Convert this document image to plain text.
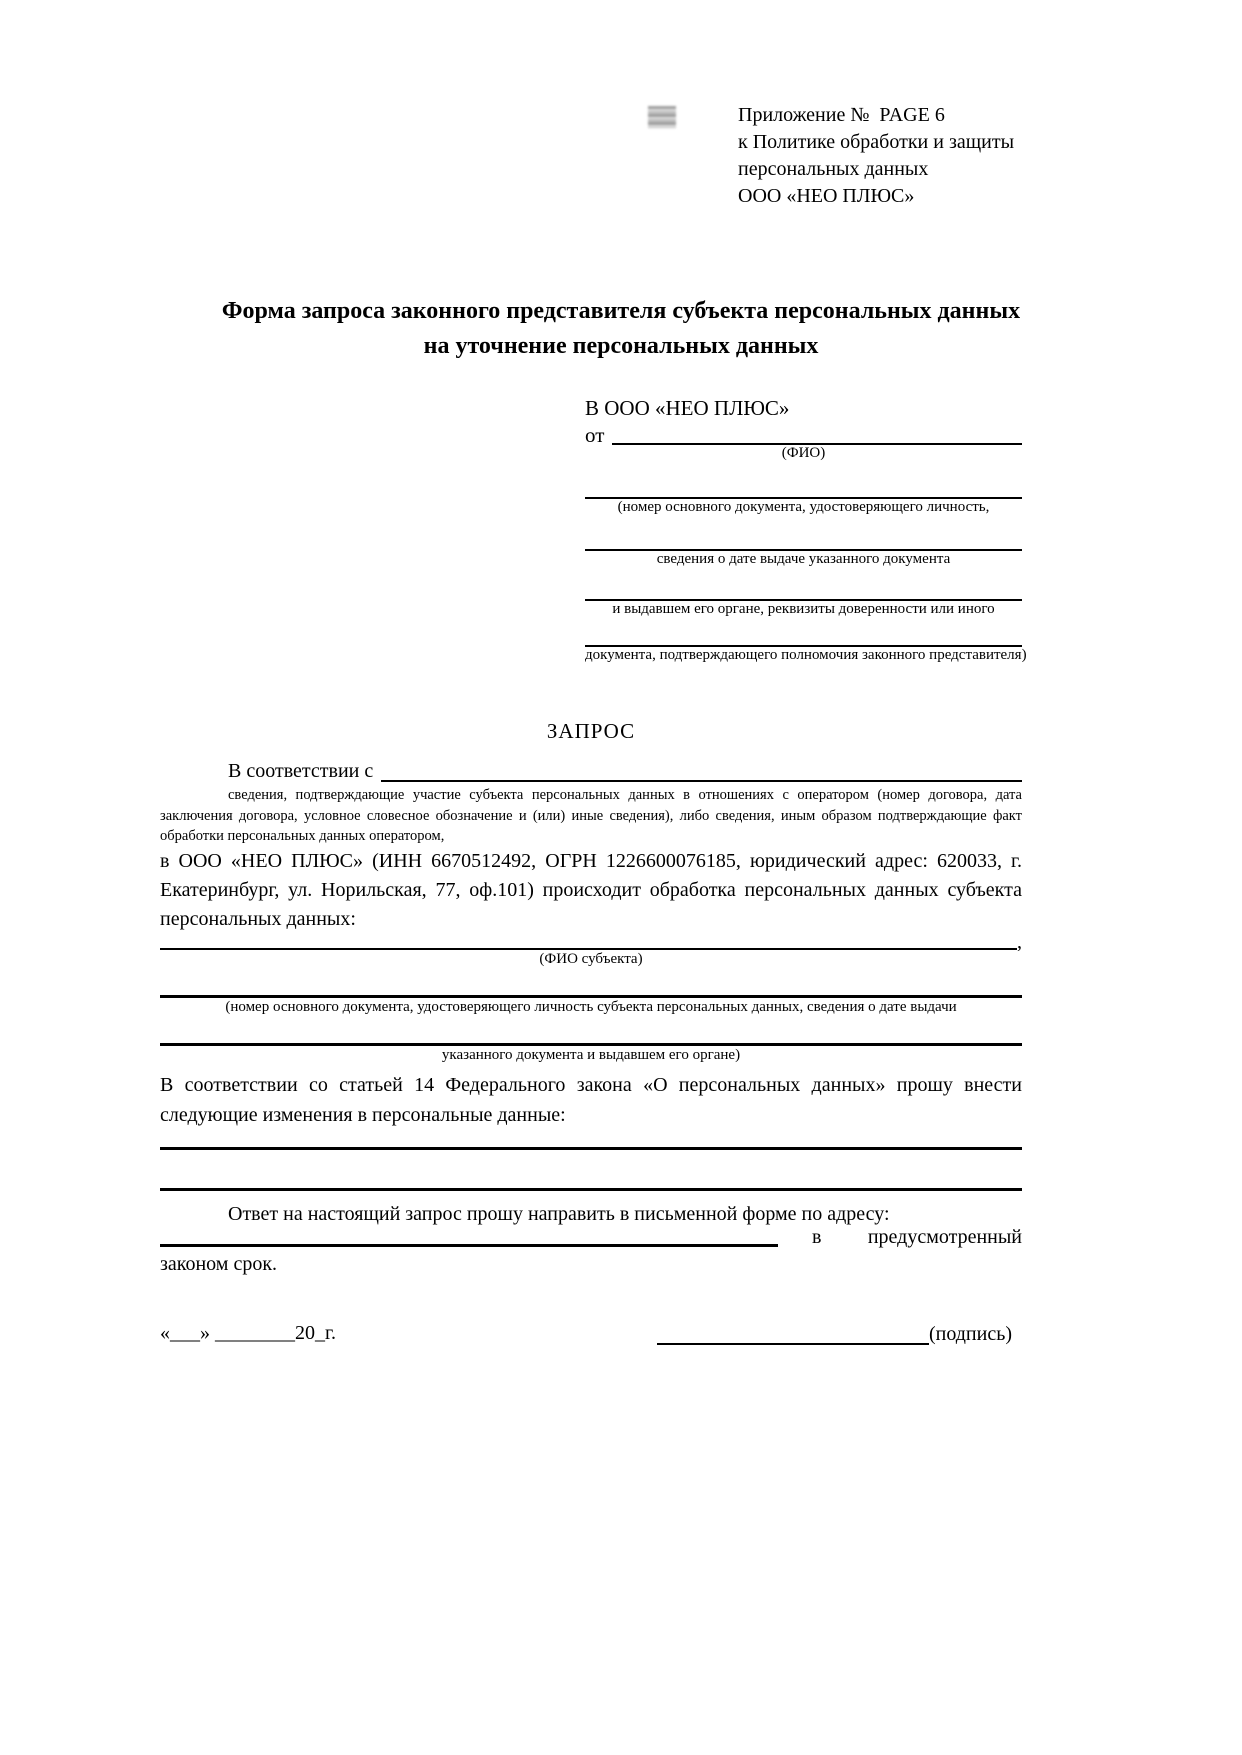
Приложение №  PAGE 6
к Политике обработки и защиты
персональных данных
ООО «НЕО ПЛЮС»
Форма запроса законного представителя субъекта персональных данных
на уточнение персональных данных
В ООО «НЕО ПЛЮС»
от
(ФИО)
(номер основного документа, удостоверяющего личность,
сведения о дате выдаче указанного документа
и выдавшем его органе, реквизиты доверенности или иного
документа, подтверждающего полномочия законного представителя)
ЗАПРОС
В соответствии с
сведения, подтверждающие участие субъекта персональных данных в отношениях с оператором (номер договора, дата заключения договора, условное словесное обозначение и (или) иные сведения), либо сведения, иным образом подтверждающие факт обработки персональных данных оператором,
в ООО «НЕО ПЛЮС» (ИНН 6670512492, ОГРН 1226600076185, юридический адрес: 620033, г. Екатеринбург, ул. Норильская, 77, оф.101) происходит обработка персональных данных субъекта персональных данных:
,
(ФИО субъекта)
(номер основного документа, удостоверяющего личность субъекта персональных данных, сведения о дате выдачи
указанного документа и выдавшем его органе)
В соответствии со статьей 14 Федерального закона «О персональных данных» прошу внести следующие изменения в персональные данные:
Ответ на настоящий запрос прошу направить в письменной форме по адресу:
в предусмотренный
законом срок.
«___» ________20_г.	(подпись)
